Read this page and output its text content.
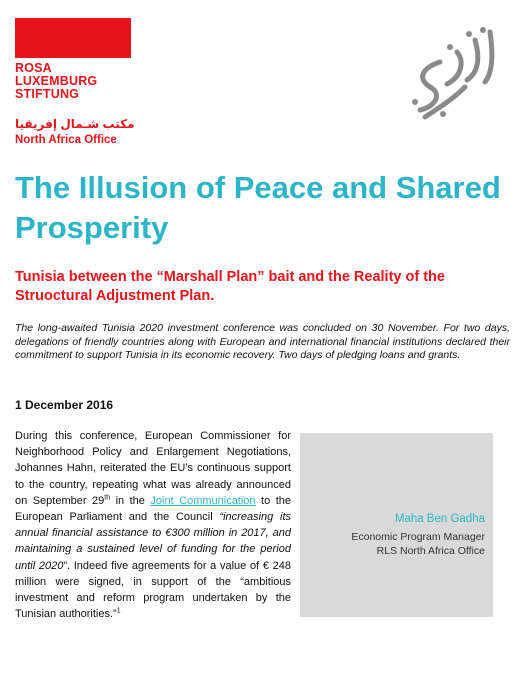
ROSA
LUXEMBURG
STIFTUNG
مكتب شـمال إفريقيا
North Africa Office
The Illusion of Peace and Shared Prosperity
Tunisia between the “Marshall Plan” bait and the Reality of the Struoctural Adjustment Plan.

The long-awaited Tunisia 2020 investment conference was concluded on 30 November. For two days, delegations of friendly countries along with European and international financial institutions declared their commitment to support Tunisia in its economic recovery. Two days of pledging loans and grants.

1 December 2016

During this conference, European Commissioner for Neighborhood Policy and Enlargement Negotiations, Johannes Hahn, reiterated the EU’s continuous support to the country, repeating what was already announced on September 29th in the Joint Communication to the European Parliament and the Council “increasing its annual financial assistance to €300 million in 2017, and maintaining a sustained level of funding for the period until 2020”. Indeed five agreements for a value of € 248 million were signed, in support of the “ambitious investment and reform program undertaken by the Tunisian authorities.”$^1$

Maha Ben Gadha
Economic Program Manager
RLS North Africa Office
